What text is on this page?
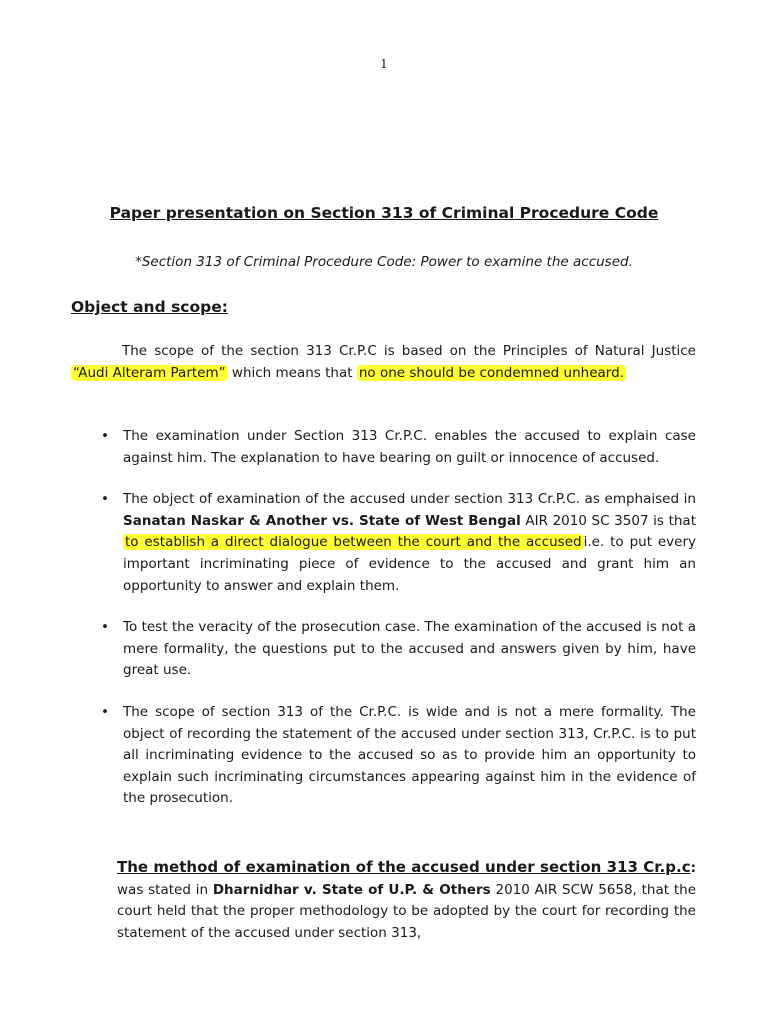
1
Paper presentation on Section 313 of Criminal Procedure Code

*Section 313 of Criminal Procedure Code: Power to examine the accused.

Object and scope:

The scope of the section 313 Cr.P.C is based on the Principles of Natural Justice “Audi Alteram Partem” which means that no one should be condemned unheard.

• The examination under Section 313 Cr.P.C. enables the accused to explain case against him. The explanation to have bearing on guilt or innocence of accused.
• The object of examination of the accused under section 313 Cr.P.C. as emphaised in Sanatan Naskar & Another vs. State of West Bengal AIR 2010 SC 3507 is that to establish a direct dialogue between the court and the accused i.e. to put every important incriminating piece of evidence to the accused and grant him an opportunity to answer and explain them.
• To test the veracity of the prosecution case. The examination of the accused is not a mere formality, the questions put to the accused and answers given by him, have great use.
• The scope of section 313 of the Cr.P.C. is wide and is not a mere formality. The object of recording the statement of the accused under section 313, Cr.P.C. is to put all incriminating evidence to the accused so as to provide him an opportunity to explain such incriminating circumstances appearing against him in the evidence of the prosecution.

The method of examination of the accused under section 313 Cr.p.c: was stated in Dharnidhar v. State of U.P. & Others 2010 AIR SCW 5658, that the court held that the proper methodology to be adopted by the court for recording the statement of the accused under section 313,
